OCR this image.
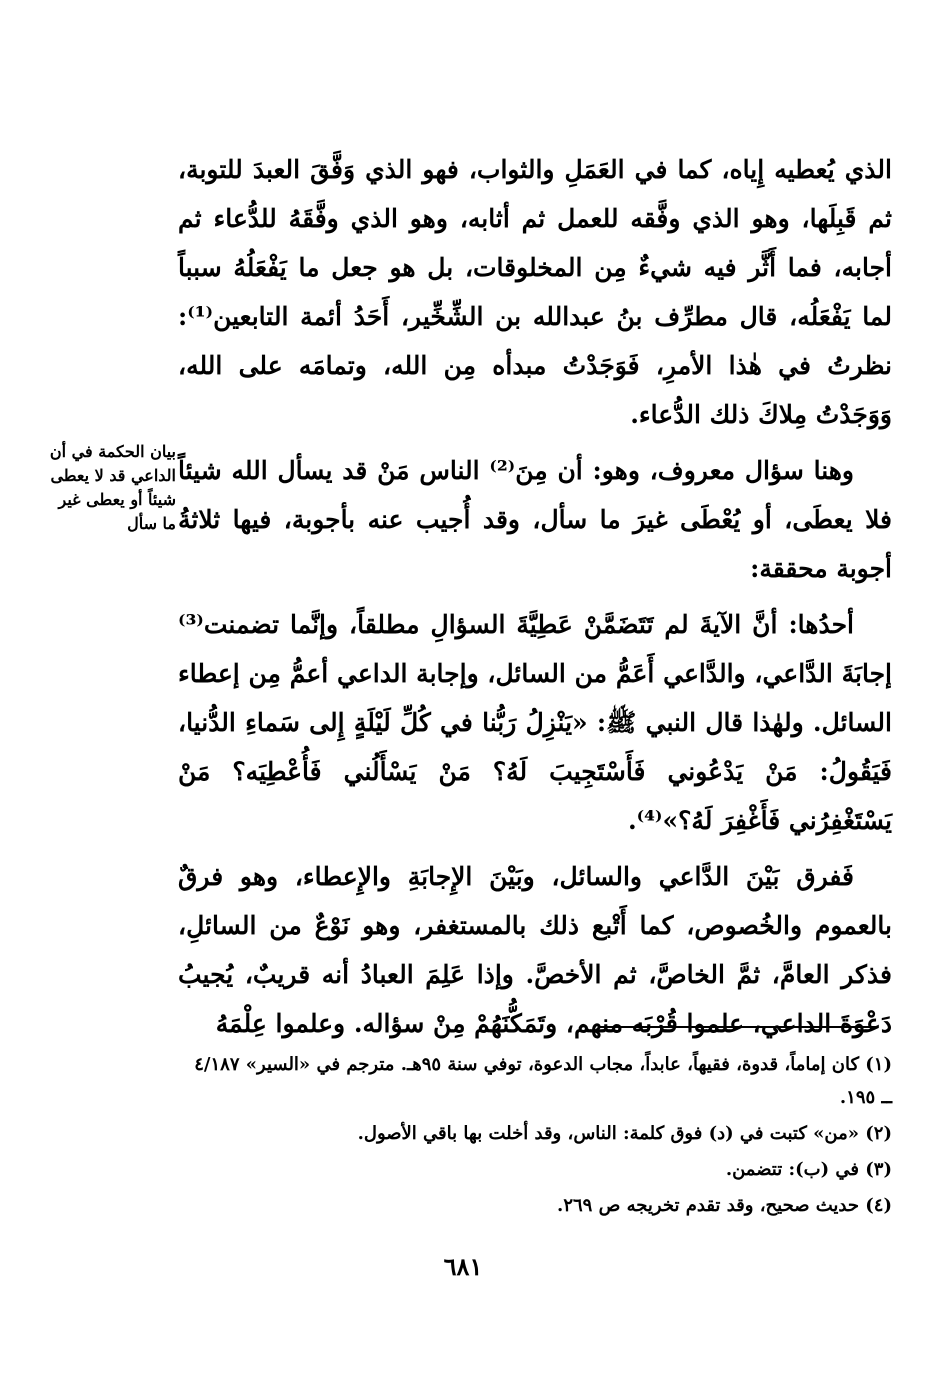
الذي يُعطيه إِياه، كما في العَمَلِ والثواب، فهو الذي وَفَّقَ العبدَ للتوبة، ثم قَبِلَها، وهو الذي وفَّقه للعمل ثم أثابه، وهو الذي وفَّقَهُ للدُّعاء ثم أجابه، فما أَثَّر فيه شيءٌ مِن المخلوقات، بل هو جعل ما يَفْعَلُهُ سبباً لما يَفْعَلُه، قال مطرِّف بنُ عبدالله بن الشِّخِّير، أَحَدُ أئمة التابعين⁽¹⁾: نظرتُ في هٰذا الأمرِ، فَوَجَدْتُ مبدأه مِن الله، وتمامَه على الله، وَوَجَدْتُ مِلاكَ ذلك الدُّعاء.

وهنا سؤال معروف، وهو: أن مِنَ⁽²⁾ الناس مَنْ قد يسأل الله شيئاً فلا يعطَى، أو يُعْطَى غيرَ ما سأل، وقد أُجيب عنه بأجوبة، فيها ثلاثةُ أجوبة محققة:

أحدُها: أنَّ الآيةَ لم تَتَضَمَّنْ عَطِيَّةَ السؤالِ مطلقاً، وإنَّما تضمنت⁽³⁾ إجابَةَ الدَّاعي، والدَّاعي أَعَمُّ من السائل، وإجابة الداعي أعمُّ مِن إعطاء السائل. ولهٰذا قال النبي ﷺ: «يَنْزِلُ رَبُّنا في كُلِّ لَيْلَةٍ إِلى سَماءِ الدُّنيا، فَيَقُولُ: مَنْ يَدْعُوني فَأَسْتَجِيبَ لَهُ؟ مَنْ يَسْأَلُني فَأُعْطِيَه؟ مَنْ يَسْتَغْفِرُني فَأَغْفِرَ لَهُ؟»⁽⁴⁾.

فَفرق بَيْنَ الدَّاعي والسائل، وبَيْنَ الإِجابَةِ والإِعطاء، وهو فرقٌ بالعموم والخُصوص، كما أَتْبع ذلك بالمستغفر، وهو نَوْعٌ من السائلِ، فذكر العامَّ، ثمَّ الخاصَّ، ثم الأخصَّ. وإذا عَلِمَ العبادُ أنه قريبٌ، يُجيبُ دَعْوَةَ الداعي، علموا قُرْبَه منهم، وتَمَكُّنَهُمْ مِنْ سؤاله. وعلموا عِلْمَهُ

بيان الحكمة في أن الداعي قد لا يعطى شيئاً أو يعطى غير ما سأل
(١) كان إماماً، قدوة، فقيهاً، عابداً، مجاب الدعوة، توفي سنة ٩٥هـ. مترجم في «السير» ٤/١٨٧ ــ ١٩٥.
(٢) «من» كتبت في (د) فوق كلمة: الناس، وقد أخلت بها باقي الأصول.
(٣) في (ب): تتضمن.
(٤) حديث صحيح، وقد تقدم تخريجه ص ٢٦٩.
٦٨١
